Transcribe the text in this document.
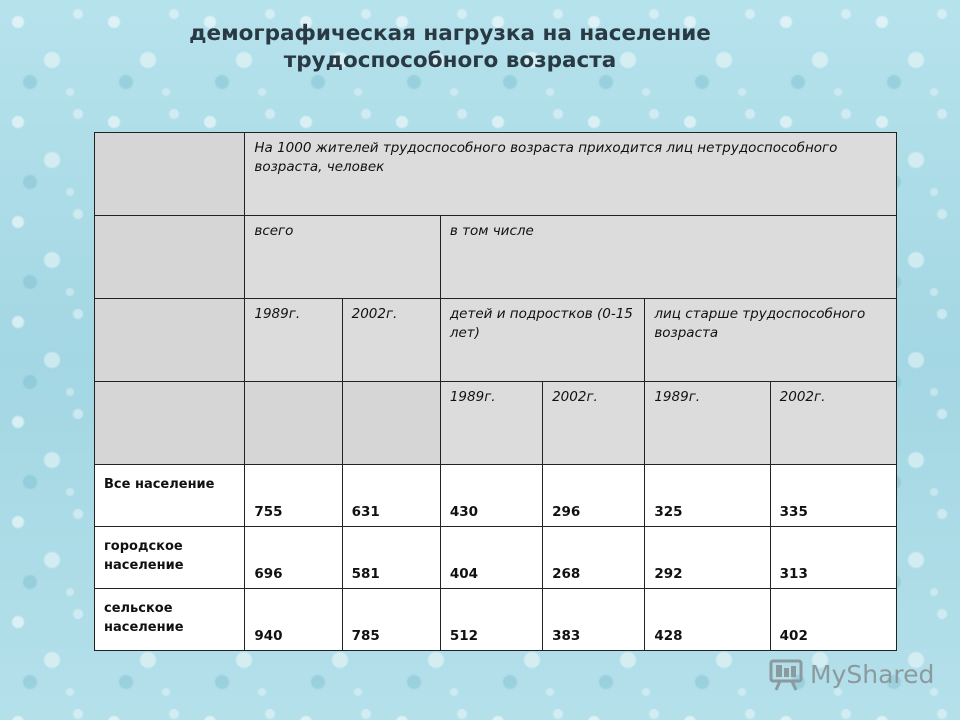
демографическая нагрузка на население
трудоспособного возраста
	На 1000 жителей трудоспособного возраста приходится лиц нетрудоспособного возраста, человек					
	всего		в том числе			
	1989г.	2002г.	детей и подростков (0-15 лет)		лиц старше трудоспособного возраста	
			1989г.	2002г.	1989г.	2002г.
Все население	755	631	430	296	325	335
городское население	696	581	404	268	292	313
сельское население	940	785	512	383	428	402
MyShared
